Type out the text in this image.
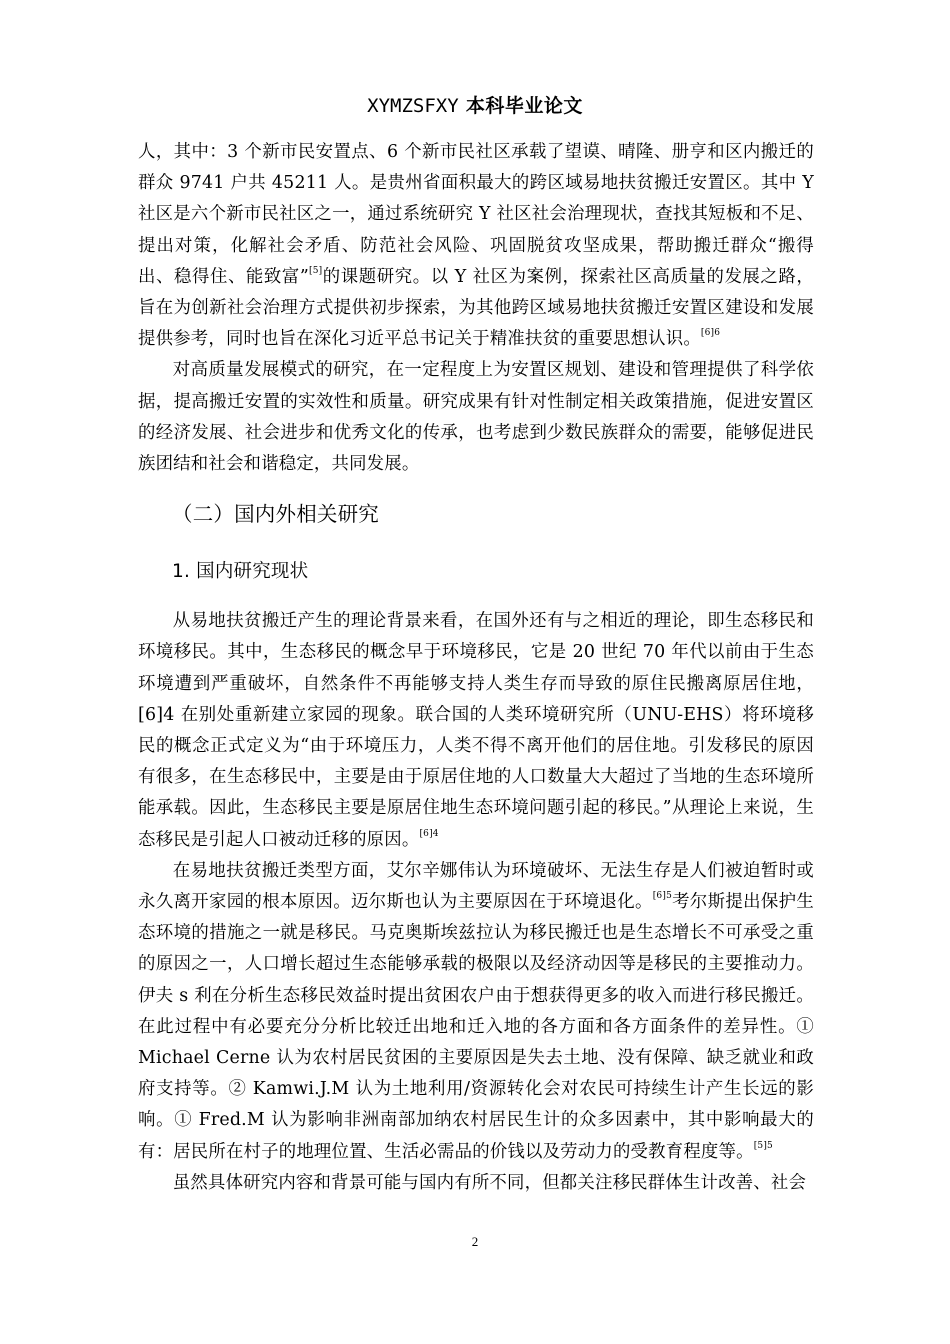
XYMZSFXY 本科毕业论文

人，其中：3 个新市民安置点、6 个新市民社区承载了望谟、晴隆、册亨和区内搬迁的群众 9741 户共 45211 人。是贵州省面积最大的跨区域易地扶贫搬迁安置区。其中 Y 社区是六个新市民社区之一，通过系统研究 Y 社区社会治理现状，查找其短板和不足、提出对策，化解社会矛盾、防范社会风险、巩固脱贫攻坚成果，帮助搬迁群众“搬得出、稳得住、能致富”[5]的课题研究。以 Y 社区为案例，探索社区高质量的发展之路，旨在为创新社会治理方式提供初步探索，为其他跨区域易地扶贫搬迁安置区建设和发展提供参考，同时也旨在深化习近平总书记关于精准扶贫的重要思想认识。$^{[6]6}$

对高质量发展模式的研究，在一定程度上为安置区规划、建设和管理提供了科学依据，提高搬迁安置的实效性和质量。研究成果有针对性制定相关政策措施，促进安置区的经济发展、社会进步和优秀文化的传承，也考虑到少数民族群众的需要，能够促进民族团结和社会和谐稳定，共同发展。

（二）国内外相关研究

1. 国内研究现状

从易地扶贫搬迁产生的理论背景来看，在国外还有与之相近的理论，即生态移民和环境移民。其中，生态移民的概念早于环境移民，它是 20 世纪 70 年代以前由于生态环境遭到严重破坏，自然条件不再能够支持人类生存而导致的原住民搬离原居住地，[6]4 在别处重新建立家园的现象。联合国的人类环境研究所（UNU-EHS）将环境移民的概念正式定义为“由于环境压力，人类不得不离开他们的居住地。引发移民的原因有很多，在生态移民中，主要是由于原居住地的人口数量大大超过了当地的生态环境所能承载。因此，生态移民主要是原居住地生态环境问题引起的移民。”从理论上来说，生态移民是引起人口被动迁移的原因。$^{[6]4}$

在易地扶贫搬迁类型方面，艾尔辛娜伟认为环境破坏、无法生存是人们被迫暂时或永久离开家园的根本原因。迈尔斯也认为主要原因在于环境退化。$^{[6]5}$考尔斯提出保护生态环境的措施之一就是移民。马克奥斯埃兹拉认为移民搬迁也是生态增长不可承受之重的原因之一，人口增长超过生态能够承载的极限以及经济动因等是移民的主要推动力。伊夫 s 利在分析生态移民效益时提出贫困农户由于想获得更多的收入而进行移民搬迁。在此过程中有必要充分分析比较迁出地和迁入地的各方面和各方面条件的差异性。① Michael Cerne 认为农村居民贫困的主要原因是失去土地、没有保障、缺乏就业和政府支持等。② Kamwi.J.M 认为土地利用/资源转化会对农民可持续生计产生长远的影响。① Fred.M 认为影响非洲南部加纳农村居民生计的众多因素中，其中影响最大的有：居民所在村子的地理位置、生活必需品的价钱以及劳动力的受教育程度等。$^{[5]5}$

虽然具体研究内容和背景可能与国内有所不同，但都关注移民群体生计改善、社会

2
